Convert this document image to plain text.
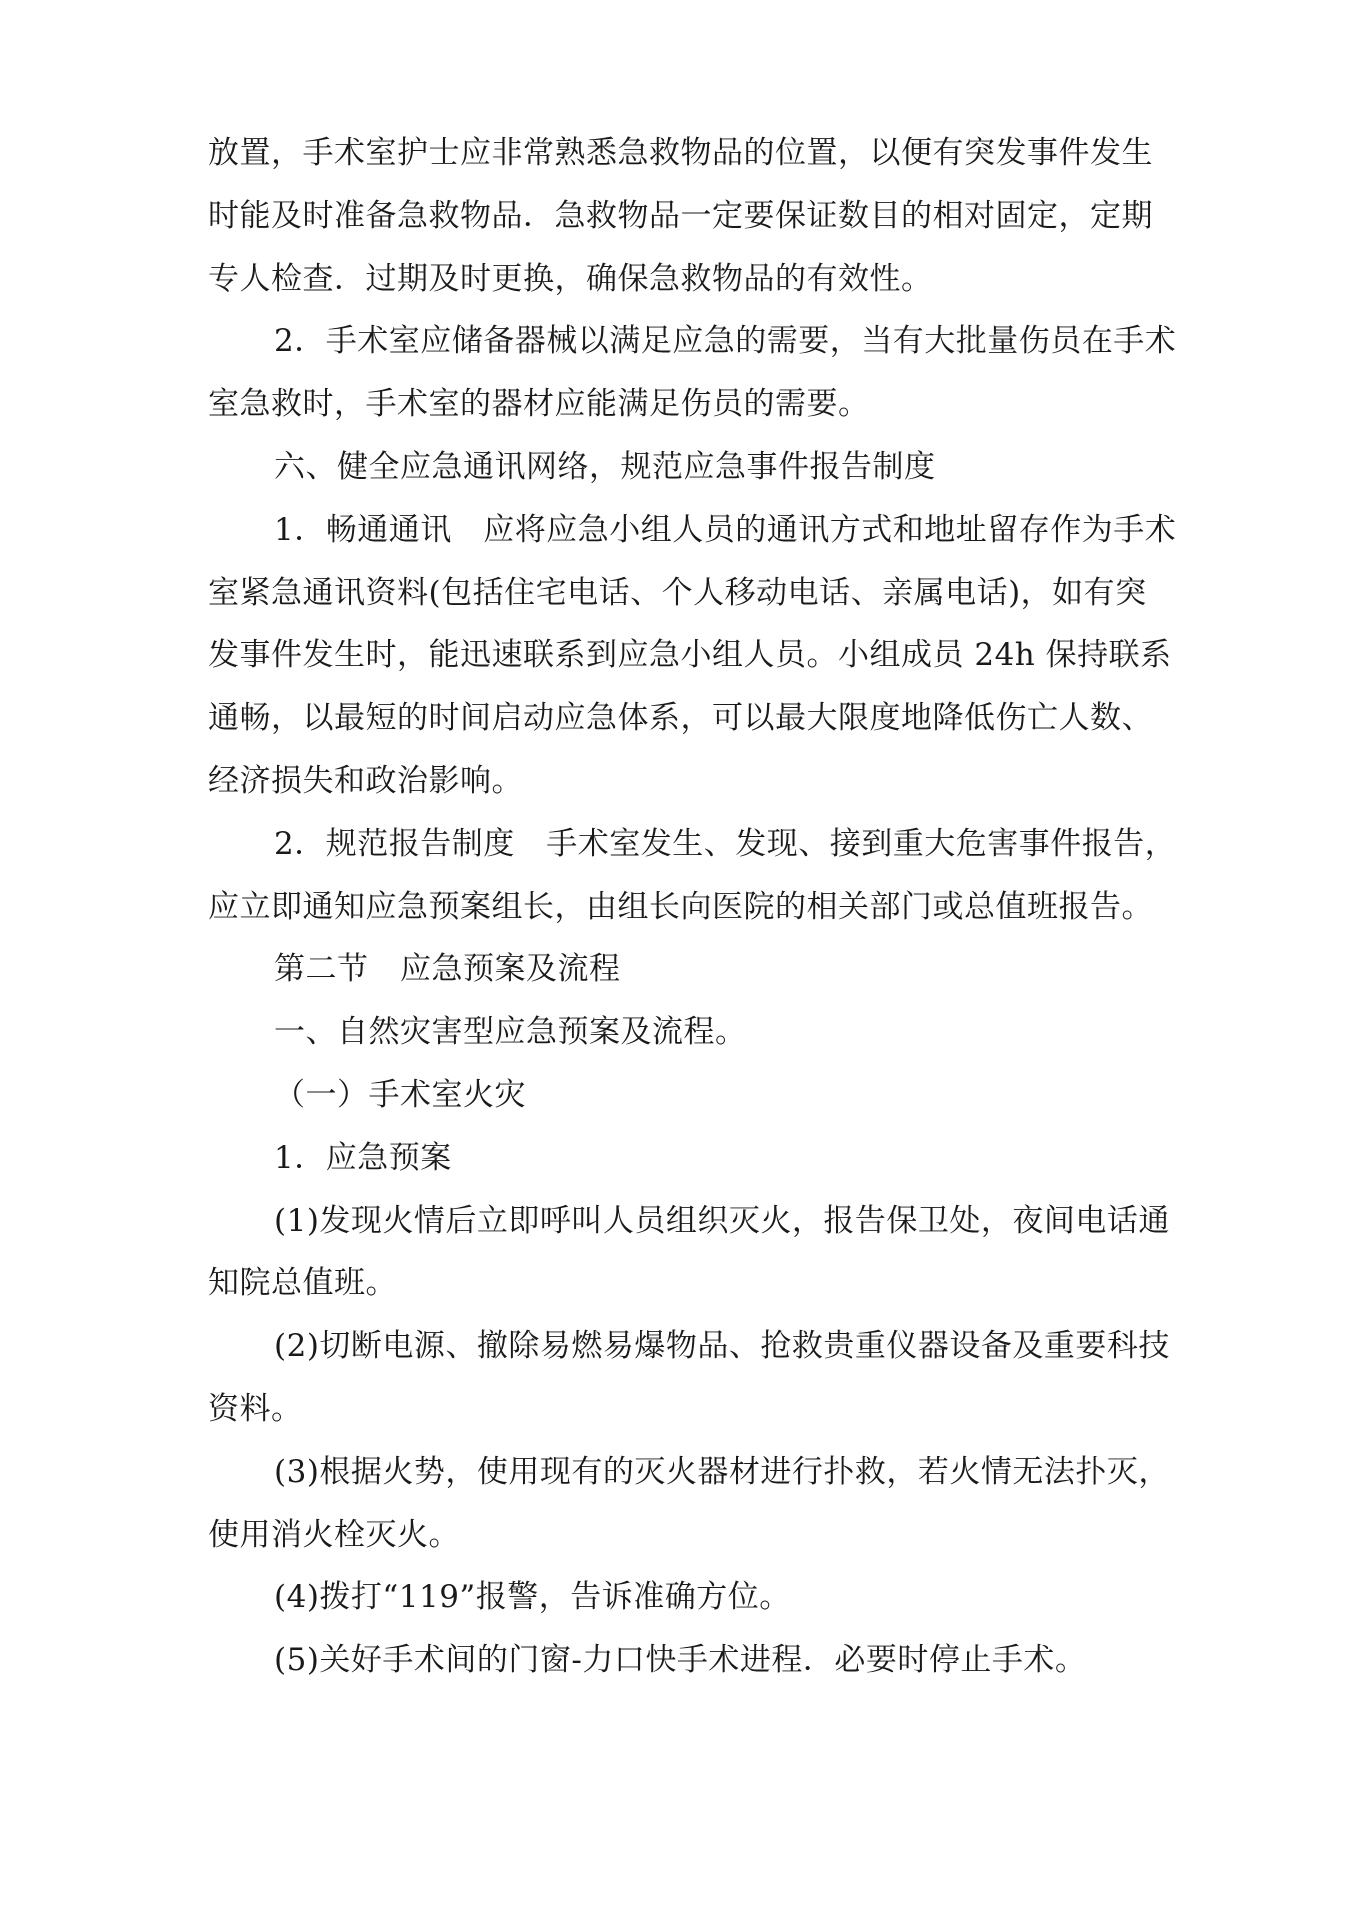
放置，手术室护士应非常熟悉急救物品的位置，以便有突发事件发生时能及时准备急救物品．急救物品一定要保证数目的相对固定，定期专人检查．过期及时更换，确保急救物品的有效性。

2．手术室应储备器械以满足应急的需要，当有大批量伤员在手术室急救时，手术室的器材应能满足伤员的需要。

六、健全应急通讯网络，规范应急事件报告制度

1．畅通通讯　应将应急小组人员的通讯方式和地址留存作为手术室紧急通讯资料(包括住宅电话、个人移动电话、亲属电话)，如有突发事件发生时，能迅速联系到应急小组人员。小组成员 24h 保持联系通畅，以最短的时间启动应急体系，可以最大限度地降低伤亡人数、经济损失和政治影响。

2．规范报告制度　手术室发生、发现、接到重大危害事件报告，应立即通知应急预案组长，由组长向医院的相关部门或总值班报告。

第二节　应急预案及流程

一、自然灾害型应急预案及流程。

（一）手术室火灾

1．应急预案

(1)发现火情后立即呼叫人员组织灭火，报告保卫处，夜间电话通知院总值班。

(2)切断电源、撤除易燃易爆物品、抢救贵重仪器设备及重要科技资料。

(3)根据火势，使用现有的灭火器材进行扑救，若火情无法扑灭，使用消火栓灭火。

(4)拨打“119”报警，告诉准确方位。

(5)关好手术间的门窗-力口快手术进程．必要时停止手术。
